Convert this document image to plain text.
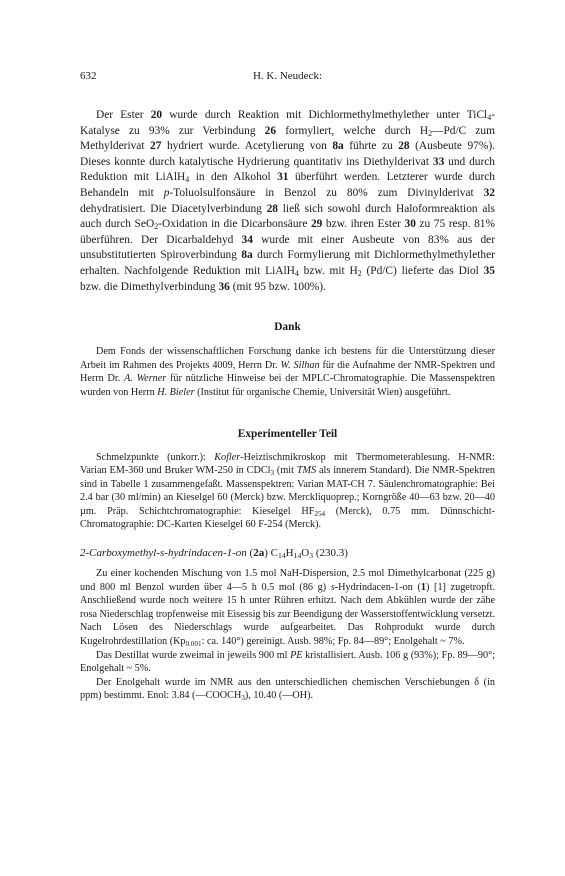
632	H. K. Neudeck:

Der Ester 20 wurde durch Reaktion mit Dichlormethylmethylether unter TiCl$_4$-Katalyse zu 93% zur Verbindung 26 formyliert, welche durch $H_2—Pd/C$ zum Methylderivat 27 hydriert wurde. Acetylierung von 8a führte zu 28 (Ausbeute 97%). Dieses konnte durch katalytische Hydrierung quantitativ ins Diethylderivat 33 und durch Reduktion mit LiAlH$_4$ in den Alkohol 31 überführt werden. Letzterer wurde durch Behandeln mit p-Toluolsulfonsäure in Benzol zu 80% zum Divinylderivat 32 dehydratisiert. Die Diacetylverbindung 28 ließ sich sowohl durch Haloformreaktion als auch durch SeO$_2$-Oxidation in die Dicarbonsäure 29 bzw. ihren Ester 30 zu 75 resp. 81% überführen. Der Dicarbaldehyd 34 wurde mit einer Ausbeute von 83% aus der unsubstitutierten Spiroverbindung 8a durch Formylierung mit Dichlormethylmethylether erhalten. Nachfolgende Reduktion mit LiAlH$_4$ bzw. mit $H_2$ (Pd/C) lieferte das Diol 35 bzw. die Dimethylverbindung 36 (mit 95 bzw. 100%).

Dank

Dem Fonds der wissenschaftlichen Forschung danke ich bestens für die Unterstützung dieser Arbeit im Rahmen des Projekts 4009, Herrn Dr. W. Silhan für die Aufnahme der NMR-Spektren und Herrn Dr. A. Werner für nützliche Hinweise bei der MPLC-Chromatographie. Die Massenspektren wurden von Herrn H. Bieler (Institut für organische Chemie, Universität Wien) ausgeführt.

Experimenteller Teil

Schmelzpunkte (unkorr.): Kofler-Heiztischmikroskop mit Thermometerablesung. H-NMR: Varian EM-360 und Bruker WM-250 in CDCl$_3$ (mit TMS als innerem Standard). Die NMR-Spektren sind in Tabelle 1 zusammengefaßt. Massenspektren: Varian MAT-CH 7. Säulenchromatographie: Bei 2.4 bar (30 ml/min) an Kieselgel 60 (Merck) bzw. Merckliquoprep.; Korngröße 40—63 bzw. 20—40 µm. Präp. Schichtchromatographie: Kieselgel $HF_{254}$ (Merck), 0.75 mm. Dünnschicht-Chromatographie: DC-Karten Kieselgel 60 F-254 (Merck).

2-Carboxymethyl-s-hydrindacen-1-on (2a) $C_{14}H_{14}O_3$ (230.3)

Zu einer kochenden Mischung von 1.5 mol NaH-Dispersion, 2.5 mol Dimethylcarbonat (225 g) und 800 ml Benzol wurden über 4—5 h 0.5 mol (86 g) s-Hydrindacen-1-on (1) [1] zugetropft. Anschließend wurde noch weitere 15 h unter Rühren erhitzt. Nach dem Abkühlen wurde der zähe rosa Niederschlag tropfenweise mit Eisessig bis zur Beendigung der Wasserstoffentwicklung versetzt. Nach Lösen des Niederschlags wurde aufgearbeitet. Das Rohprodukt wurde durch Kugelrohrdestillation ($Kp_{0.001}$: ca. 140°) gereinigt. Ausb. 98%; Fp. 84—89°; Enolgehalt ~ 7%.

Das Destillat wurde zweimal in jeweils 900 ml PE kristallisiert. Ausb. 106 g (93%); Fp. 89—90°; Enolgehalt ~ 5%.

Der Enolgehalt wurde im NMR aus den unterschiedlichen chemischen Verschiebungen δ (in ppm) bestimmt. Enol: 3.84 $(—COOCH_3)$, 10.40 (—OH).
